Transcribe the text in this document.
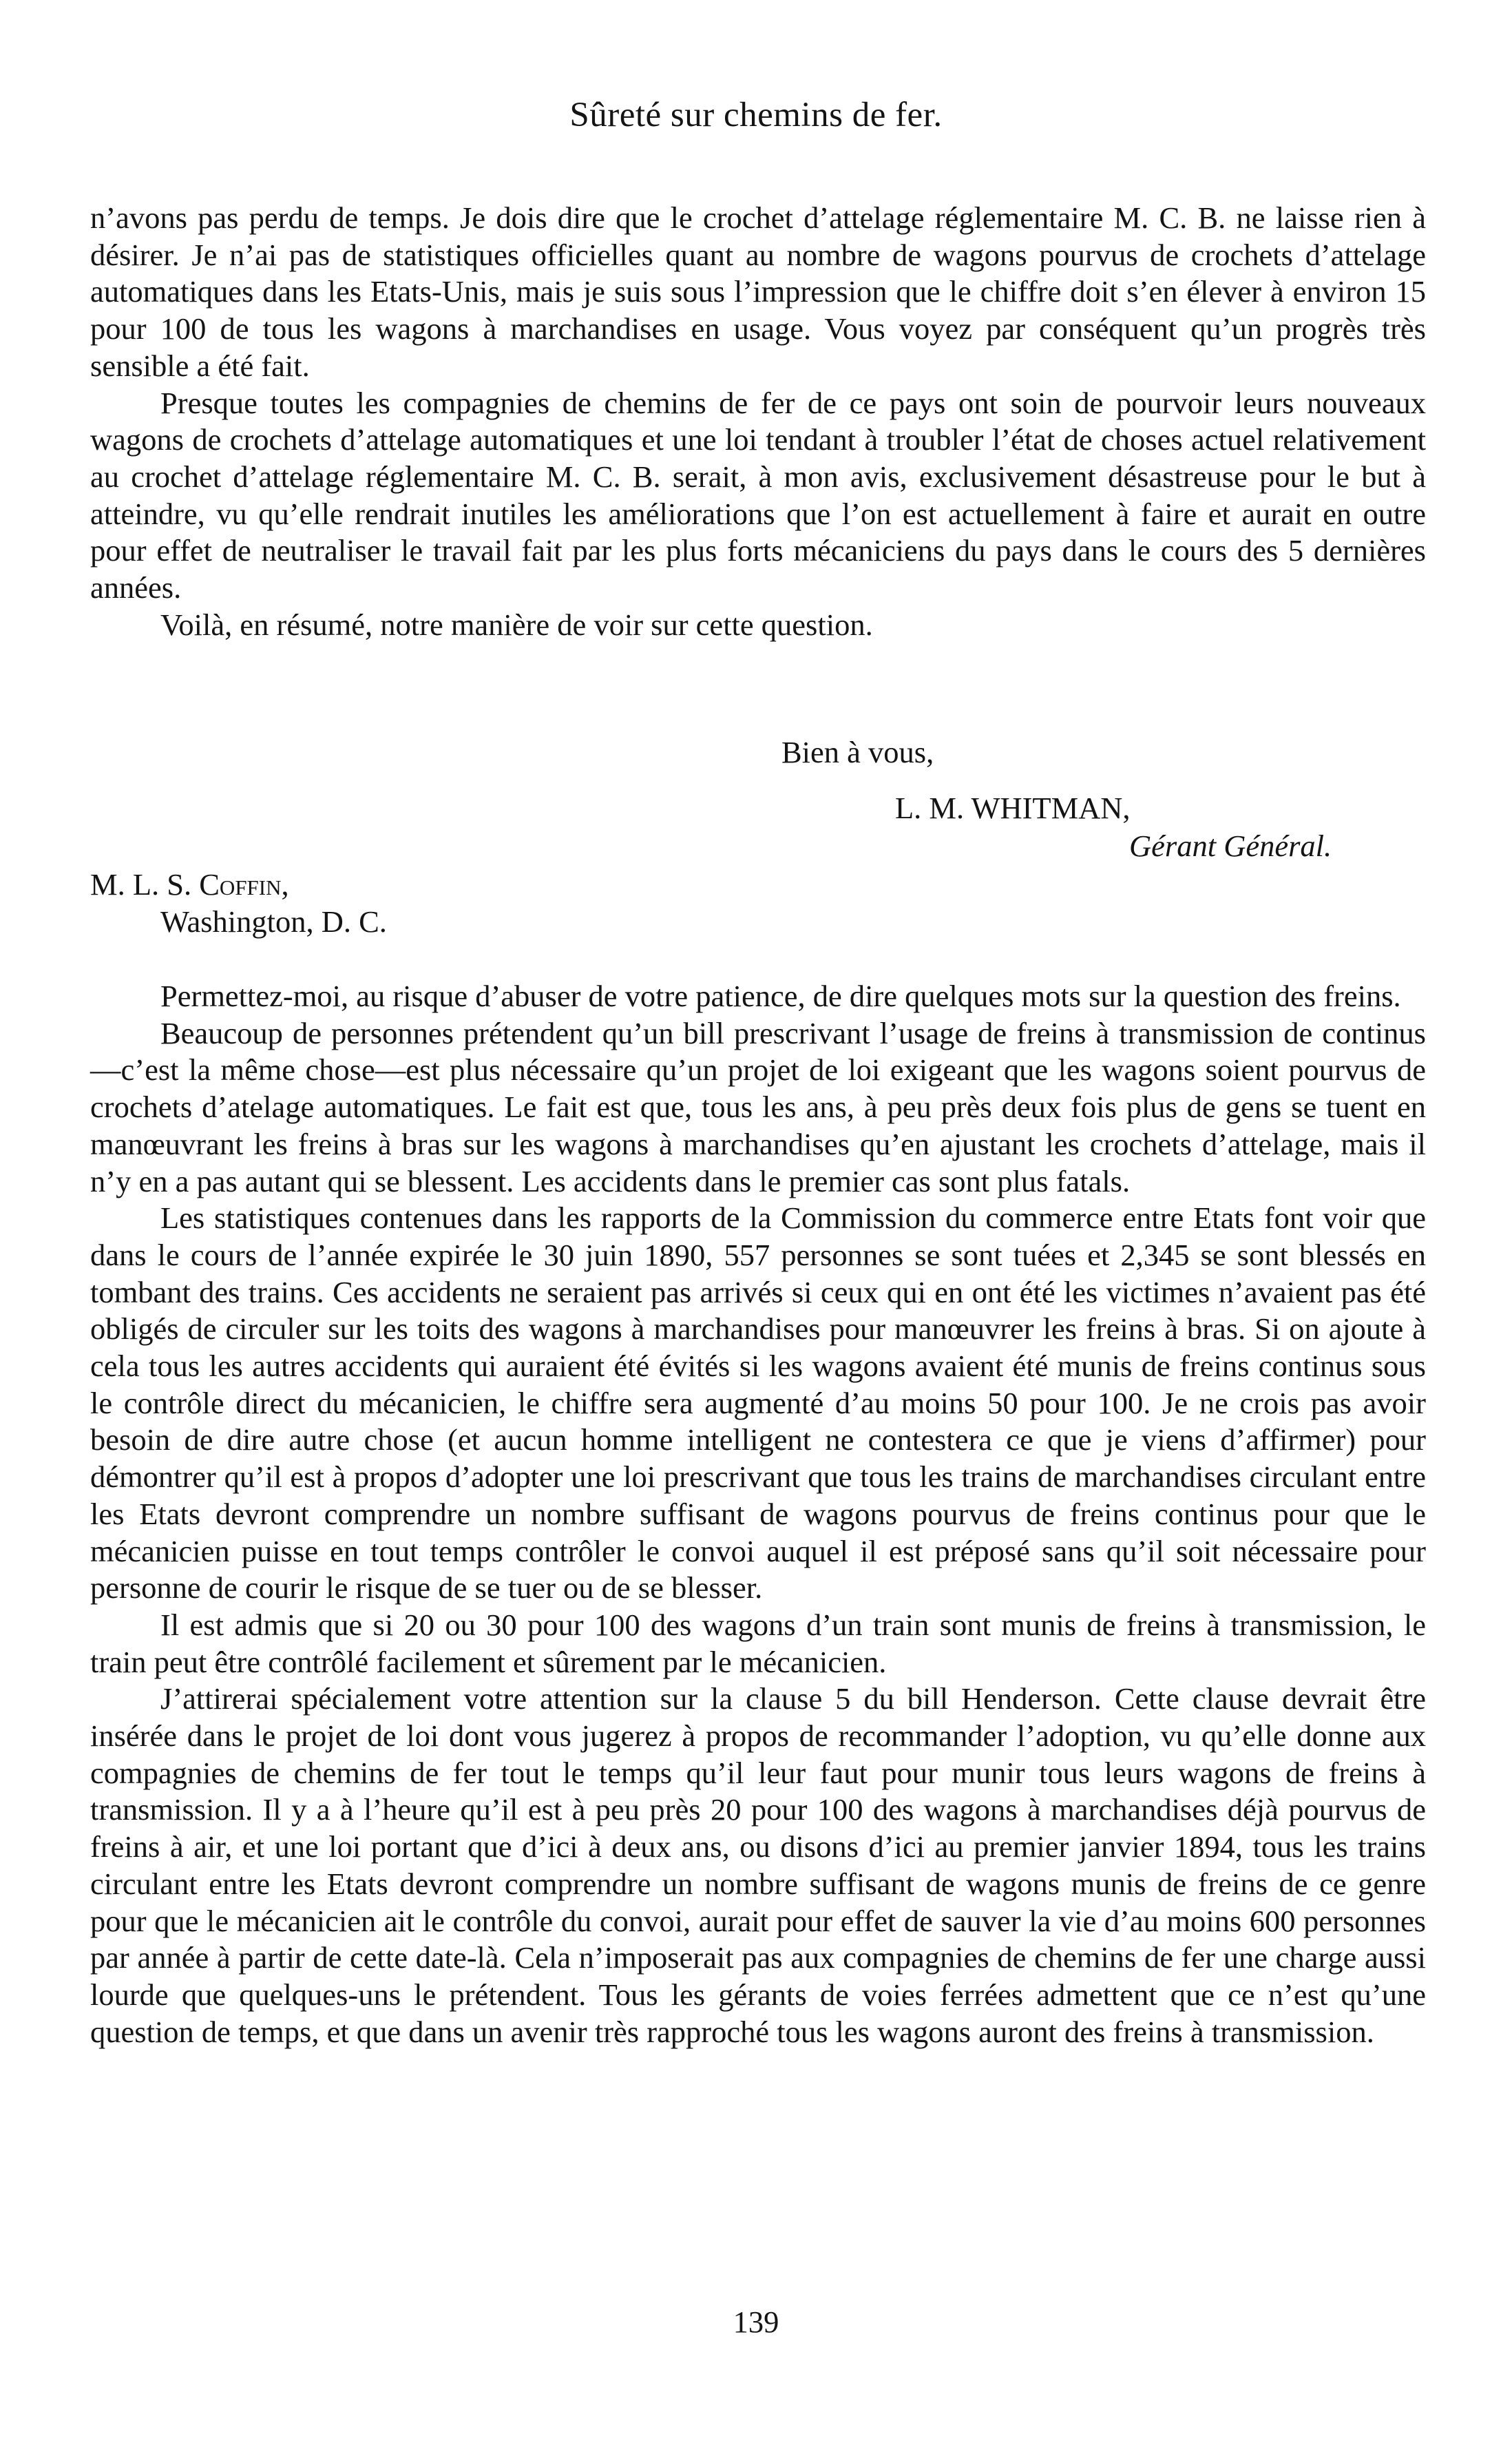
Sûreté sur chemins de fer.

n’avons pas perdu de temps. Je dois dire que le crochet d’attelage réglementaire M. C. B. ne laisse rien à désirer. Je n’ai pas de statistiques officielles quant au nombre de wagons pourvus de crochets d’attelage automatiques dans les Etats-Unis, mais je suis sous l’impression que le chiffre doit s’en élever à environ 15 pour 100 de tous les wagons à marchandises en usage. Vous voyez par conséquent qu’un progrès très sensible a été fait.

Presque toutes les compagnies de chemins de fer de ce pays ont soin de pourvoir leurs nouveaux wagons de crochets d’attelage automatiques et une loi tendant à troubler l’état de choses actuel relativement au crochet d’attelage réglementaire M. C. B. serait, à mon avis, exclusivement désastreuse pour le but à atteindre, vu qu’elle rendrait inutiles les améliorations que l’on est actuellement à faire et aurait en outre pour effet de neutraliser le travail fait par les plus forts mécaniciens du pays dans le cours des 5 dernières années.

Voilà, en résumé, notre manière de voir sur cette question.

Bien à vous,
L. M. WHITMAN,
Gérant Général.
M. L. S. Coffin,
Washington, D. C.

Permettez-moi, au risque d’abuser de votre patience, de dire quelques mots sur la question des freins.

Beaucoup de personnes prétendent qu’un bill prescrivant l’usage de freins à transmission de continus—c’est la même chose—est plus nécessaire qu’un projet de loi exigeant que les wagons soient pourvus de crochets d’atelage automatiques. Le fait est que, tous les ans, à peu près deux fois plus de gens se tuent en manœuvrant les freins à bras sur les wagons à marchandises qu’en ajustant les crochets d’attelage, mais il n’y en a pas autant qui se blessent. Les accidents dans le premier cas sont plus fatals.

Les statistiques contenues dans les rapports de la Commission du commerce entre Etats font voir que dans le cours de l’année expirée le 30 juin 1890, 557 personnes se sont tuées et 2,345 se sont blessés en tombant des trains. Ces accidents ne seraient pas arrivés si ceux qui en ont été les victimes n’avaient pas été obligés de circuler sur les toits des wagons à marchandises pour manœuvrer les freins à bras. Si on ajoute à cela tous les autres accidents qui auraient été évités si les wagons avaient été munis de freins continus sous le contrôle direct du mécanicien, le chiffre sera augmenté d’au moins 50 pour 100. Je ne crois pas avoir besoin de dire autre chose (et aucun homme intelligent ne contestera ce que je viens d’affirmer) pour démontrer qu’il est à propos d’adopter une loi prescrivant que tous les trains de marchandises circulant entre les Etats devront comprendre un nombre suffisant de wagons pourvus de freins continus pour que le mécanicien puisse en tout temps contrôler le convoi auquel il est préposé sans qu’il soit nécessaire pour personne de courir le risque de se tuer ou de se blesser.

Il est admis que si 20 ou 30 pour 100 des wagons d’un train sont munis de freins à transmission, le train peut être contrôlé facilement et sûrement par le mécanicien.

J’attirerai spécialement votre attention sur la clause 5 du bill Henderson. Cette clause devrait être insérée dans le projet de loi dont vous jugerez à propos de recommander l’adoption, vu qu’elle donne aux compagnies de chemins de fer tout le temps qu’il leur faut pour munir tous leurs wagons de freins à transmission. Il y a à l’heure qu’il est à peu près 20 pour 100 des wagons à marchandises déjà pourvus de freins à air, et une loi portant que d’ici à deux ans, ou disons d’ici au premier janvier 1894, tous les trains circulant entre les Etats devront comprendre un nombre suffisant de wagons munis de freins de ce genre pour que le mécanicien ait le contrôle du convoi, aurait pour effet de sauver la vie d’au moins 600 personnes par année à partir de cette date-là. Cela n’imposerait pas aux compagnies de chemins de fer une charge aussi lourde que quelques-uns le prétendent. Tous les gérants de voies ferrées admettent que ce n’est qu’une question de temps, et que dans un avenir très rapproché tous les wagons auront des freins à transmission.

139
